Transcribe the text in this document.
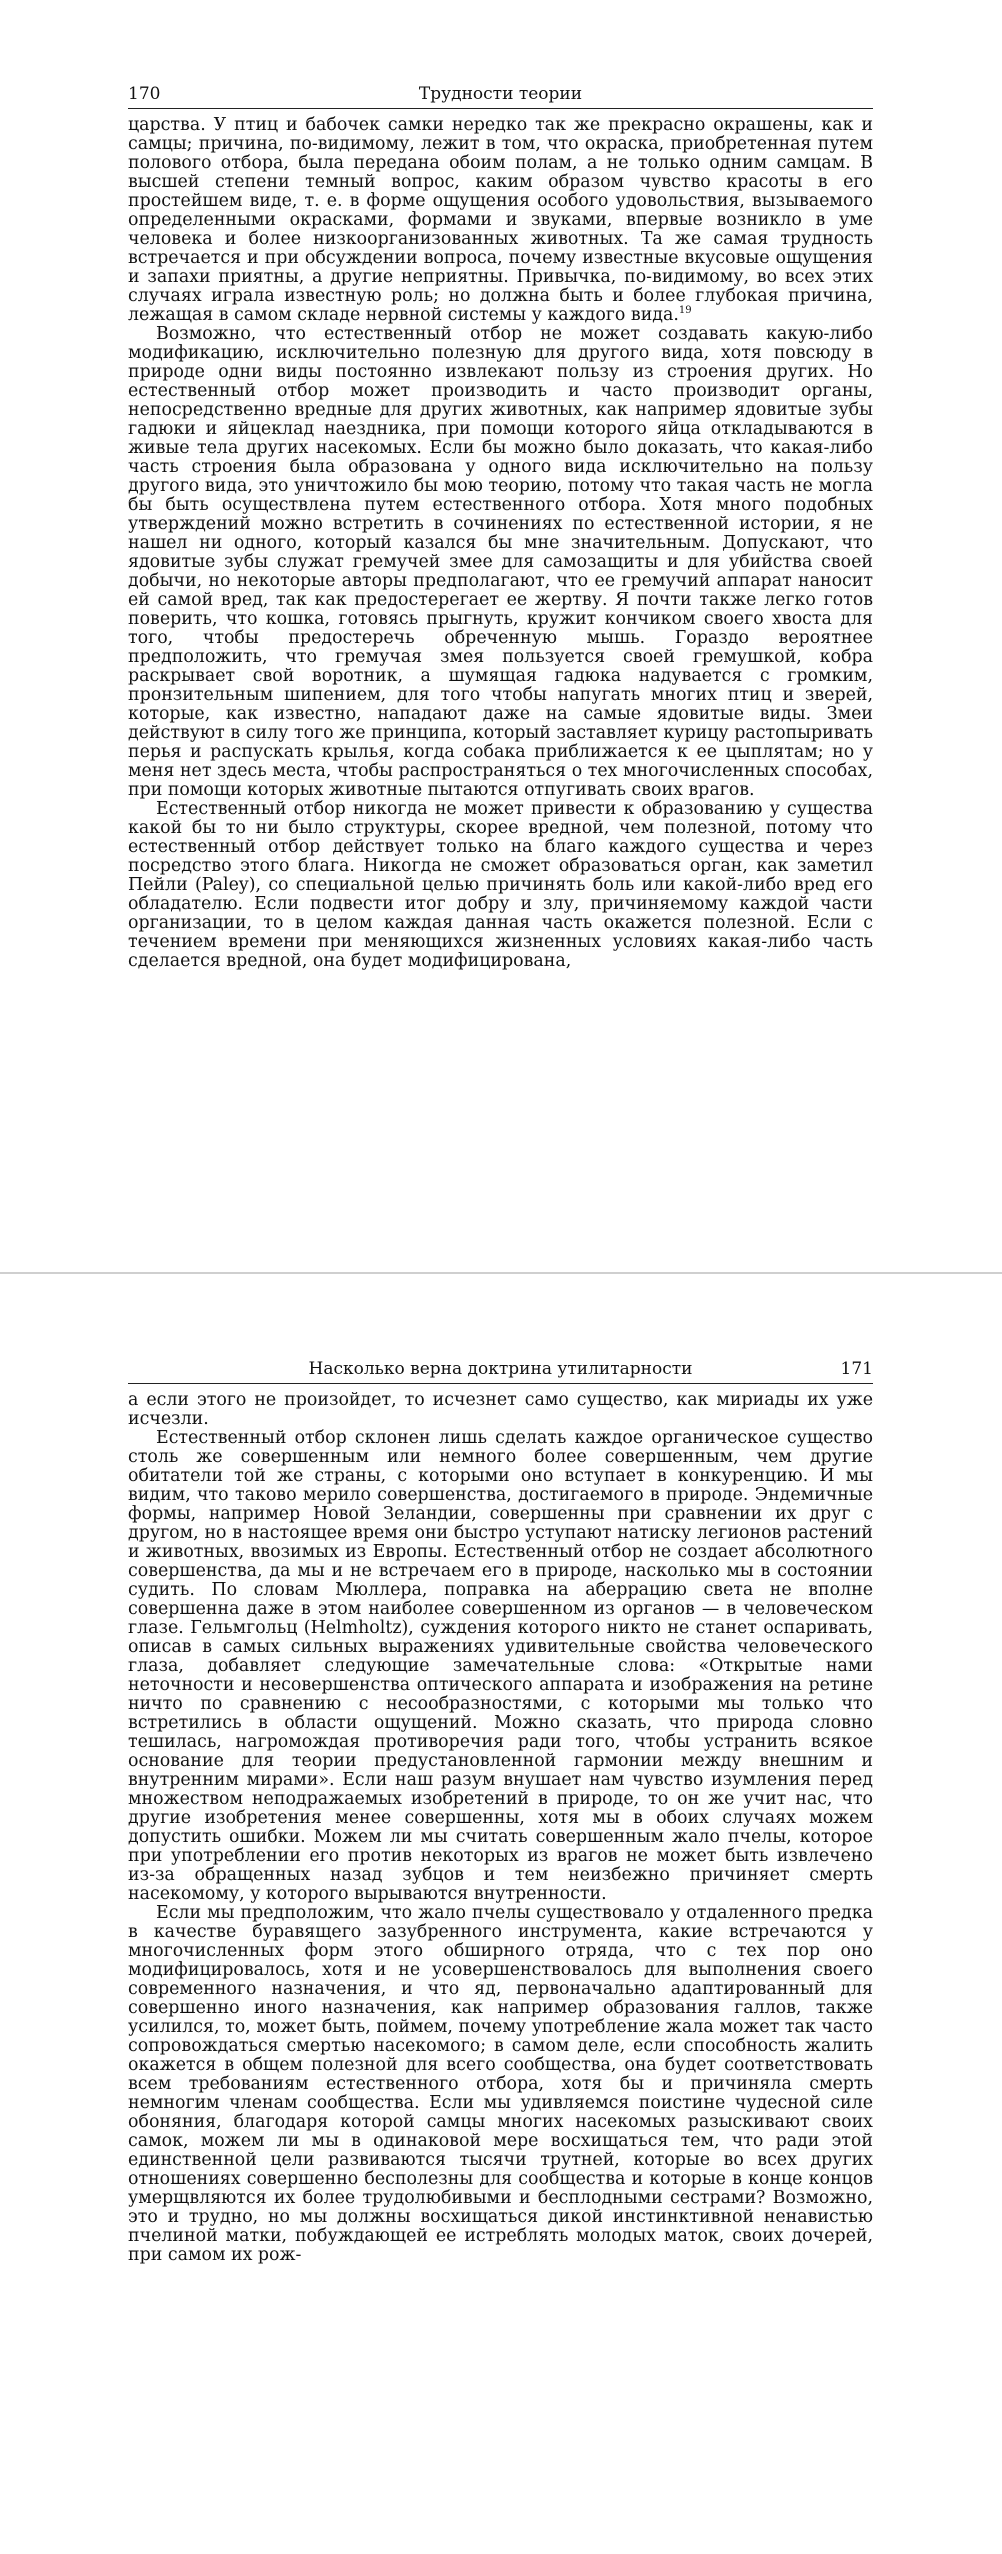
170	Трудности теории

царства. У птиц и бабочек самки нередко так же прекрасно окрашены, как и самцы; причина, по-видимому, лежит в том, что окраска, приобретенная путем полового отбора, была передана обоим полам, а не только одним самцам. В высшей степени темный вопрос, каким образом чувство красоты в его простейшем виде, т. е. в форме ощущения особого удовольствия, вызываемого определенными окрасками, формами и звуками, впервые возникло в уме человека и более низкоорганизованных животных. Та же самая трудность встречается и при обсуждении вопроса, почему известные вкусовые ощущения и запахи приятны, а другие неприятны. Привычка, по-видимому, во всех этих случаях играла известную роль; но должна быть и более глубокая причина, лежащая в самом складе нервной системы у каждого вида.$^{19}$

Возможно, что естественный отбор не может создавать какую-либо модификацию, исключительно полезную для другого вида, хотя повсюду в природе одни виды постоянно извлекают пользу из строения других. Но естественный отбор может производить и часто производит органы, непосредственно вредные для других животных, как например ядовитые зубы гадюки и яйцеклад наездника, при помощи которого яйца откладываются в живые тела других насекомых. Если бы можно было доказать, что какая-либо часть строения была образована у одного вида исключительно на пользу другого вида, это уничтожило бы мою теорию, потому что такая часть не могла бы быть осуществлена путем естественного отбора. Хотя много подобных утверждений можно встретить в сочинениях по естественной истории, я не нашел ни одного, который казался бы мне значительным. Допускают, что ядовитые зубы служат гремучей змее для самозащиты и для убийства своей добычи, но некоторые авторы предполагают, что ее гремучий аппарат наносит ей самой вред, так как предостерегает ее жертву. Я почти также легко готов поверить, что кошка, готовясь прыгнуть, кружит кончиком своего хвоста для того, чтобы предостеречь обреченную мышь. Гораздо вероятнее предположить, что гремучая змея пользуется своей гремушкой, кобра раскрывает свой воротник, а шумящая гадюка надувается с громким, пронзительным шипением, для того чтобы напугать многих птиц и зверей, которые, как известно, нападают даже на самые ядовитые виды. Змеи действуют в силу того же принципа, который заставляет курицу растопыривать перья и распускать крылья, когда собака приближается к ее цыплятам; но у меня нет здесь места, чтобы распространяться о тех многочисленных способах, при помощи которых животные пытаются отпугивать своих врагов.

Естественный отбор никогда не может привести к образованию у существа какой бы то ни было структуры, скорее вредной, чем полезной, потому что естественный отбор действует только на благо каждого существа и через посредство этого блага. Никогда не сможет образоваться орган, как заметил Пейли (Paley), со специальной целью причинять боль или какой-либо вред его обладателю. Если подвести итог добру и злу, причиняемому каждой части организации, то в целом каждая данная часть окажется полезной. Если с течением времени при меняющихся жизненных условиях какая-либо часть сделается вредной, она будет модифицирована,

Насколько верна доктрина утилитарности	171

а если этого не произойдет, то исчезнет само существо, как мириады их уже исчезли.

Естественный отбор склонен лишь сделать каждое органическое существо столь же совершенным или немного более совершенным, чем другие обитатели той же страны, с которыми оно вступает в конкуренцию. И мы видим, что таково мерило совершенства, достигаемого в природе. Эндемичные формы, например Новой Зеландии, совершенны при сравнении их друг с другом, но в настоящее время они быстро уступают натиску легионов растений и животных, ввозимых из Европы. Естественный отбор не создает абсолютного совершенства, да мы и не встречаем его в природе, насколько мы в состоянии судить. По словам Мюллера, поправка на аберрацию света не вполне совершенна даже в этом наиболее совершенном из органов — в человеческом глазе. Гельмгольц (Helmholtz), суждения которого никто не станет оспаривать, описав в самых сильных выражениях удивительные свойства человеческого глаза, добавляет следующие замечательные слова: «Открытые нами неточности и несовершенства оптического аппарата и изображения на ретине ничто по сравнению с несообразностями, с которыми мы только что встретились в области ощущений. Можно сказать, что природа словно тешилась, нагромождая противоречия ради того, чтобы устранить всякое основание для теории предустановленной гармонии между внешним и внутренним мирами». Если наш разум внушает нам чувство изумления перед множеством неподражаемых изобретений в природе, то он же учит нас, что другие изобретения менее совершенны, хотя мы в обоих случаях можем допустить ошибки. Можем ли мы считать совершенным жало пчелы, которое при употреблении его против некоторых из врагов не может быть извлечено из-за обращенных назад зубцов и тем неизбежно причиняет смерть насекомому, у которого вырываются внутренности.

Если мы предположим, что жало пчелы существовало у отдаленного предка в качестве буравящего зазубренного инструмента, какие встречаются у многочисленных форм этого обширного отряда, что с тех пор оно модифицировалось, хотя и не усовершенствовалось для выполнения своего современного назначения, и что яд, первоначально адаптированный для совершенно иного назначения, как например образования галлов, также усилился, то, может быть, поймем, почему употребление жала может так часто сопровождаться смертью насекомого; в самом деле, если способность жалить окажется в общем полезной для всего сообщества, она будет соответствовать всем требованиям естественного отбора, хотя бы и причиняла смерть немногим членам сообщества. Если мы удивляемся поистине чудесной силе обоняния, благодаря которой самцы многих насекомых разыскивают своих самок, можем ли мы в одинаковой мере восхищаться тем, что ради этой единственной цели развиваются тысячи трутней, которые во всех других отношениях совершенно бесполезны для сообщества и которые в конце концов умерщвляются их более трудолюбивыми и бесплодными сестрами? Возможно, это и трудно, но мы должны восхищаться дикой инстинктивной ненавистью пчелиной матки, побуждающей ее истреблять молодых маток, своих дочерей, при самом их рож-
